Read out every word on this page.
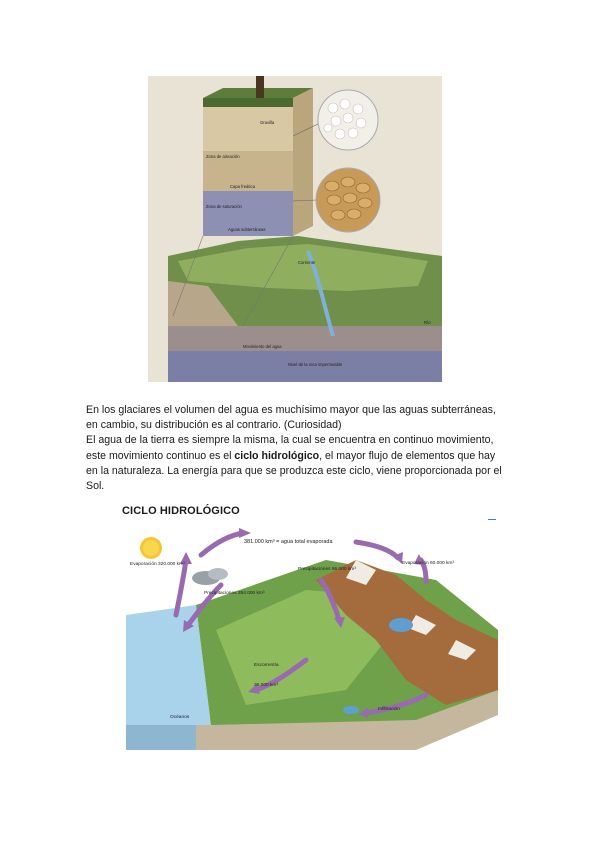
Gravilla
Zona de aireación
Capa freática
Zona de saturación
Aguas subterráneas
Corriente
Movimiento del agua
Río
Nivel de la roca impermeable

En los glaciares el volumen del agua es muchísimo mayor que las aguas subterráneas,

en cambio, su distribución es al contrario. (Curiosidad)

El agua de la tierra es siempre la misma, la cual se encuentra en continuo movimiento,

este movimiento continuo es el ciclo hidrológico, el mayor flujo de elementos que hay

en la naturaleza. La energía para que se produzca este ciclo, viene proporcionada por el

Sol.

CICLO HIDROLÓGICO
381.000 km³ = agua total evaporada
Evaporación 320.000 km³	Evaporación 60.000 km³
Precipitaciones 284.000 km³
Precipitaciones 96.000 km³
Escorrentía
36.000 km³
Infiltración
Océanos
